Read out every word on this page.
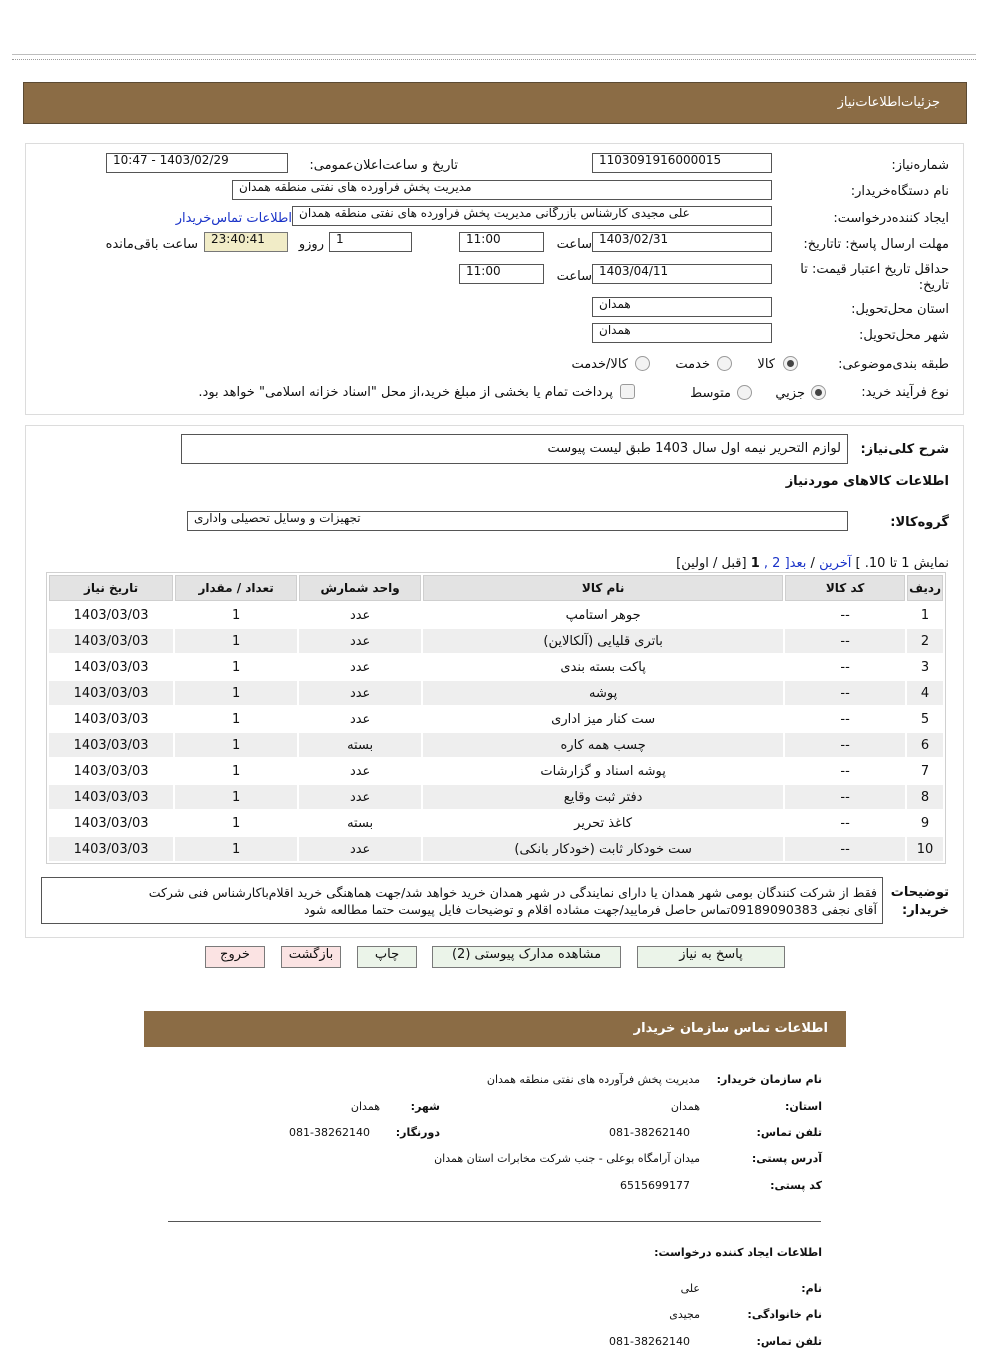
جزئیات‌اطلاعات‌نیاز
شماره‌نیاز:
1103091916000015
تاریخ و ساعت‌اعلان‌عمومی:
1403/02/29 - 10:47
نام دستگاه‌خریدار:
مدیریت پخش فراورده های نفتی منطقه همدان
ایجاد کننده‌درخواست:
علی مجیدی کارشناس بازرگانی مدیریت پخش فراورده های نفتی منطقه همدان
اطلاعات تماس‌خریدار
مهلت ارسال پاسخ: تاتاریخ:
1403/02/31
ساعت
11:00
1
روزو
23:40:41
ساعت باقی‌مانده
حداقل تاریخ اعتبار قیمت: تا
تاریخ:
1403/04/11
ساعت
11:00
استان محل‌تحویل:
همدان
شهر محل‌تحویل:
همدان
طبقه بندی‌موضوعی:
کالا
خدمت
کالا/خدمت
نوع فرآیند خرید:
جزیي
متوسط
پرداخت تمام یا بخشی از مبلغ خرید،از محل "اسناد خزانه اسلامی" خواهد بود.
شرح کلی‌نیاز:
لوازم التحریر نیمه اول سال 1403 طبق لیست پیوست
اطلاعات کالاهای مورد‌نیاز
گروه‌کالا:
تجهیزات و وسایل تحصیلی واداری
نمایش 1 تا 10. ] آخرین / بعد[ 2 , 1 [قبل / اولین]
ردیف	کد کالا	نام کالا	واحد شمارش	تعداد / مقدار	تاریخ نیاز
1	--	جوهر استامپ	عدد	1	1403/03/03
2	--	باتری قلیایی (آلکالاین)	عدد	1	1403/03/03
3	--	پاکت بسته بندی	عدد	1	1403/03/03
4	--	پوشه	عدد	1	1403/03/03
5	--	ست کنار میز اداری	عدد	1	1403/03/03
6	--	چسب همه کاره	بسته	1	1403/03/03
7	--	پوشه اسناد و گزارشات	عدد	1	1403/03/03
8	--	دفتر ثبت وقایع	عدد	1	1403/03/03
9	--	کاغذ تحریر	بسته	1	1403/03/03
10	--	ست خودکار ثابت (خودکار بانکی)	عدد	1	1403/03/03
توضیحات
خریدار:
فقط از شرکت کنندگان بومی شهر همدان یا دارای نمایندگی در شهر همدان خرید خواهد شد/جهت هماهنگی خرید اقلام‌باکارشناس فنی شرکت
آقای نجفی 09189090383تماس حاصل فرمایید/جهت مشاده اقلام و توضیحات فایل پیوست حتما مطالعه شود
پاسخ به نیاز
مشاهده مدارک پیوستی (2)
چاپ
بازگشت
خروج
اطلاعات تماس سازمان خریدار
نام سازمان خریدار:
مدیریت پخش فرآورده های نفتی منطقه همدان
استان:
همدان
شهر:
همدان
تلفن تماس:
081-38262140
دورنگار:
081-38262140
آدرس پستی:
میدان آرامگاه بوعلی - جنب شرکت مخابرات استان همدان
کد پستی:
6515699177
اطلاعات ایجاد کننده درخواست:
نام:
علی
نام خانوادگی:
مجیدی
تلفن تماس:
081-38262140
